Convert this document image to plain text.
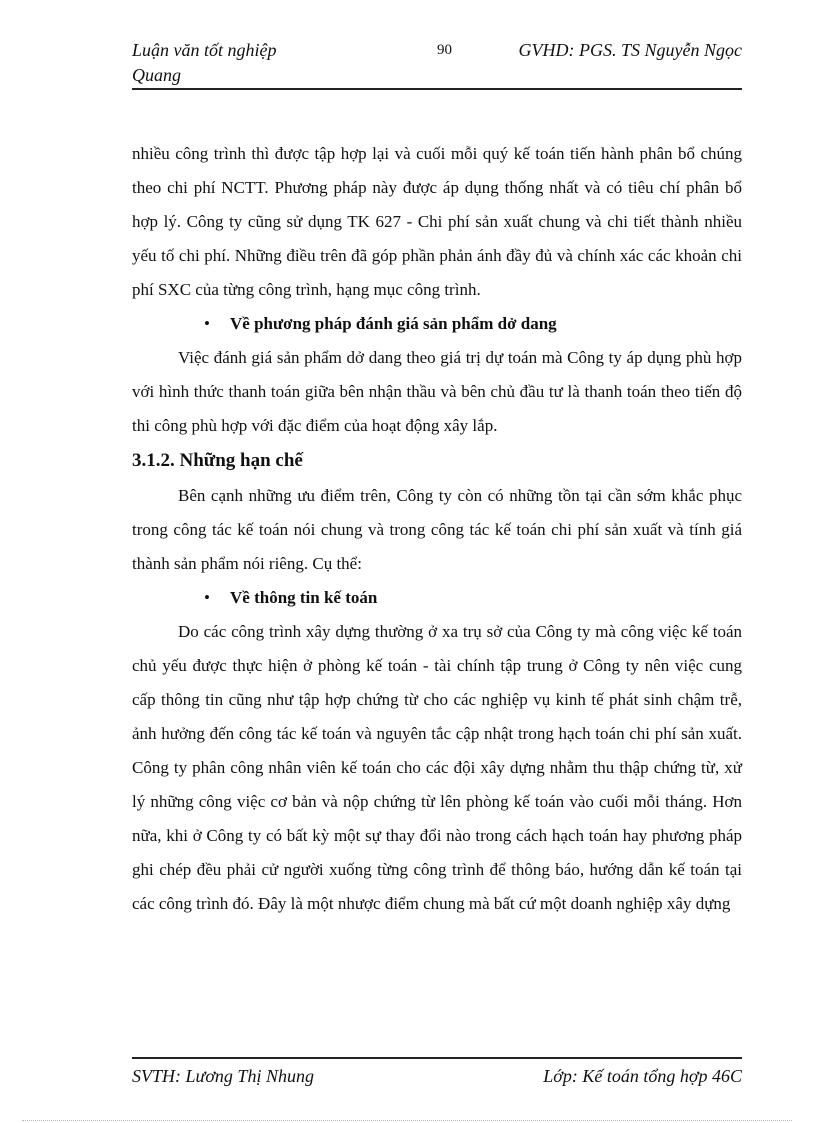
Luận văn tốt nghiệp
Quang
90	GVHD: PGS. TS Nguyễn Ngọc

nhiều công trình thì được tập hợp lại và cuối mỗi quý kế toán tiến hành phân bổ chúng theo chi phí NCTT. Phương pháp này được áp dụng thống nhất và có tiêu chí phân bổ hợp lý. Công ty cũng sử dụng TK 627 - Chi phí sản xuất chung và chi tiết thành nhiều yếu tố chi phí. Những điều trên đã góp phần phản ánh đầy đủ và chính xác các khoản chi phí SXC của từng công trình, hạng mục công trình.

• Về phương pháp đánh giá sản phẩm dở dang

Việc đánh giá sản phẩm dở dang theo giá trị dự toán mà Công ty áp dụng phù hợp với hình thức thanh toán giữa bên nhận thầu và bên chủ đầu tư là thanh toán theo tiến độ thi công phù hợp với đặc điểm của hoạt động xây lắp.

3.1.2. Những hạn chế

Bên cạnh những ưu điểm trên, Công ty còn có những tồn tại cần sớm khắc phục trong công tác kế toán nói chung và trong công tác kế toán chi phí sản xuất và tính giá thành sản phẩm nói riêng. Cụ thể:

• Về thông tin kế toán

Do các công trình xây dựng thường ở xa trụ sở của Công ty mà công việc kế toán chủ yếu được thực hiện ở phòng kế toán - tài chính tập trung ở Công ty nên việc cung cấp thông tin cũng như tập hợp chứng từ cho các nghiệp vụ kinh tế phát sinh chậm trễ, ảnh hưởng đến công tác kế toán và nguyên tắc cập nhật trong hạch toán chi phí sản xuất. Công ty phân công nhân viên kế toán cho các đội xây dựng nhằm thu thập chứng từ, xử lý những công việc cơ bản và nộp chứng từ lên phòng kế toán vào cuối mỗi tháng. Hơn nữa, khi ở Công ty có bất kỳ một sự thay đổi nào trong cách hạch toán hay phương pháp ghi chép đều phải cử người xuống từng công trình để thông báo, hướng dẫn kế toán tại các công trình đó. Đây là một nhược điểm chung mà bất cứ một doanh nghiệp xây dựng

SVTH: Lương Thị Nhung	Lớp: Kế toán tổng hợp 46C
